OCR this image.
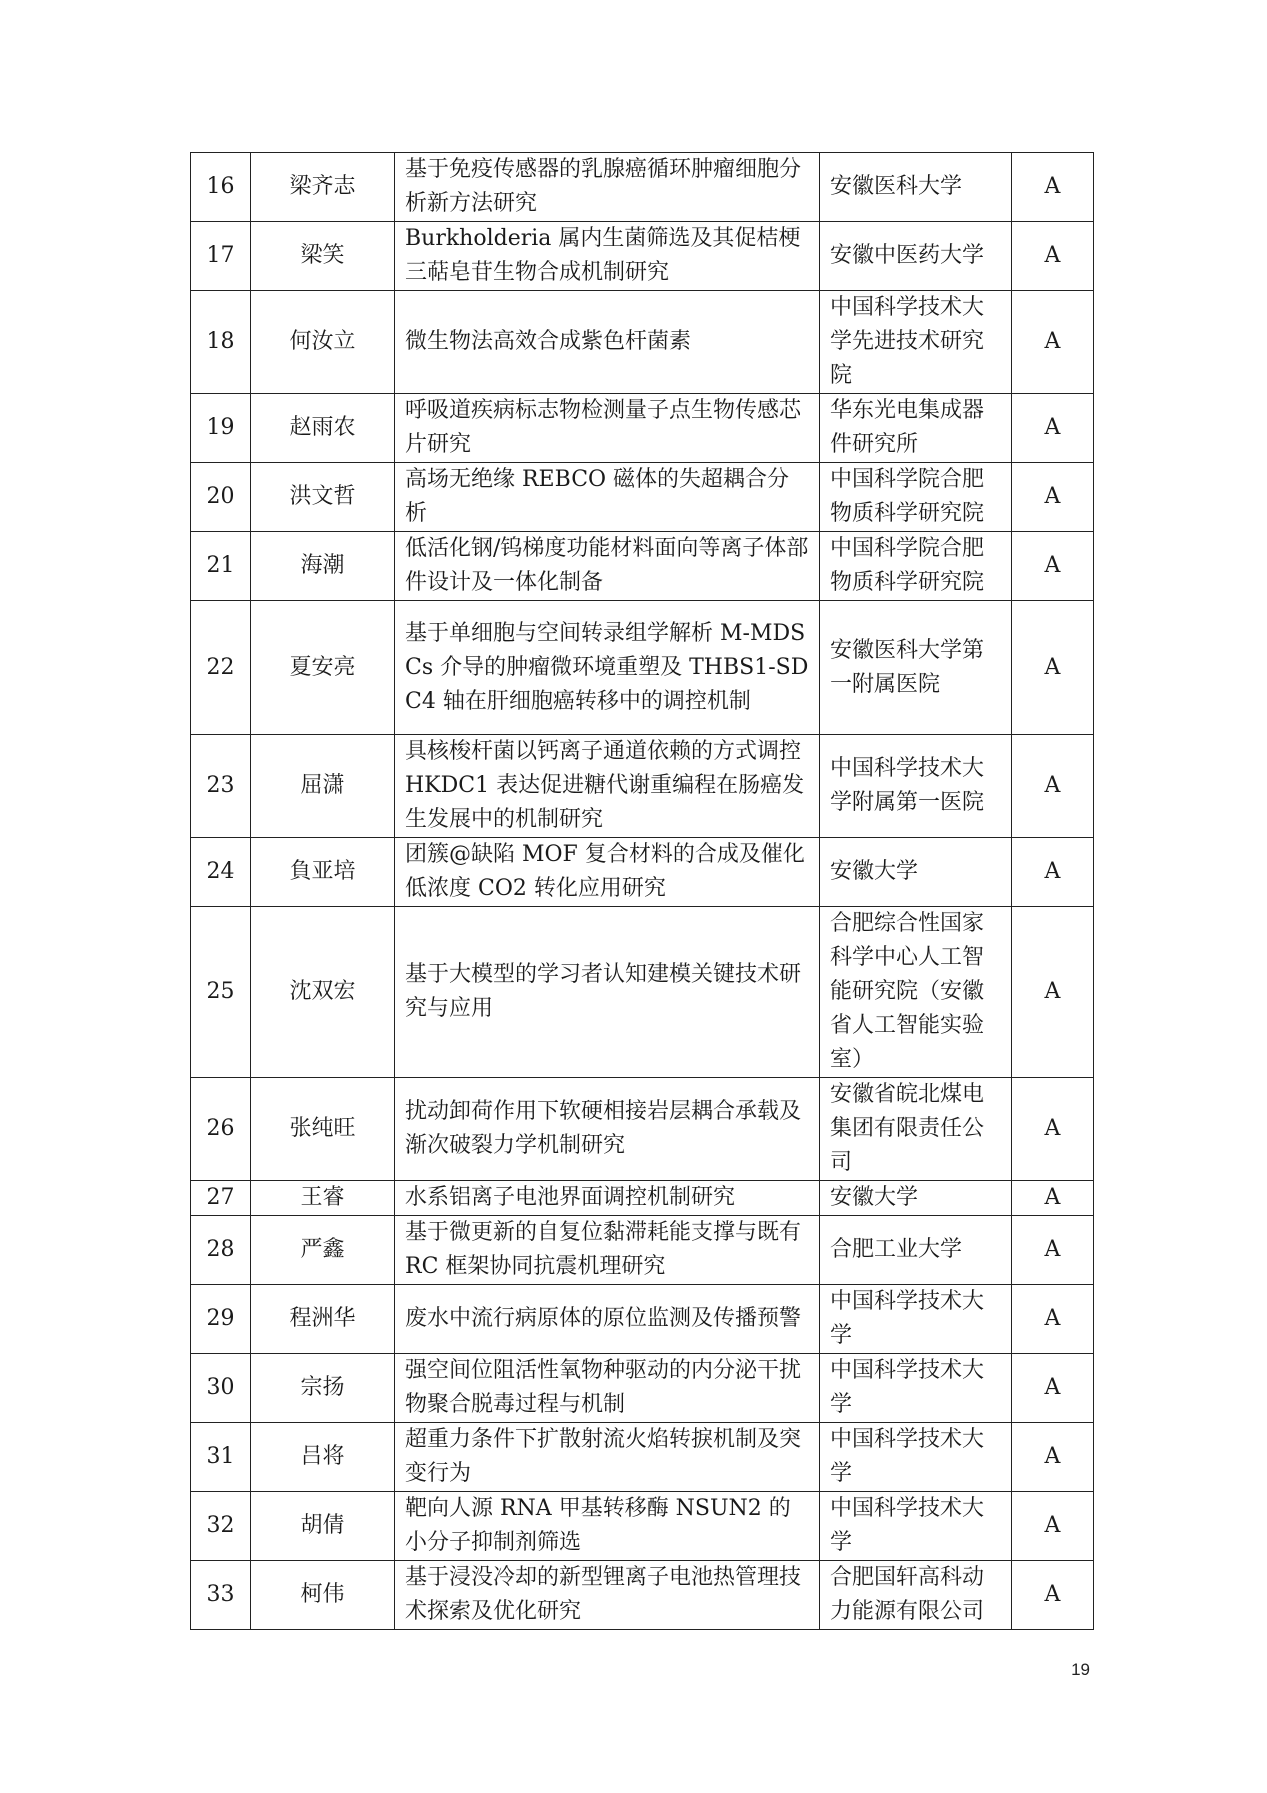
16	梁齐志	基于免疫传感器的乳腺癌循环肿瘤细胞分析新方法研究	安徽医科大学	A
17	梁笑	Burkholderia 属内生菌筛选及其促桔梗三萜皂苷生物合成机制研究	安徽中医药大学	A
18	何汝立	微生物法高效合成紫色杆菌素	中国科学技术大学先进技术研究院	A
19	赵雨农	呼吸道疾病标志物检测量子点生物传感芯片研究	华东光电集成器件研究所	A
20	洪文哲	高场无绝缘 REBCO 磁体的失超耦合分析	中国科学院合肥物质科学研究院	A
21	海潮	低活化钢/钨梯度功能材料面向等离子体部件设计及一体化制备	中国科学院合肥物质科学研究院	A
22	夏安亮	基于单细胞与空间转录组学解析 M-MDSCs 介导的肿瘤微环境重塑及 THBS1-SDC4 轴在肝细胞癌转移中的调控机制	安徽医科大学第一附属医院	A
23	屈潇	具核梭杆菌以钙离子通道依赖的方式调控 HKDC1 表达促进糖代谢重编程在肠癌发生发展中的机制研究	中国科学技术大学附属第一医院	A
24	負亚培	团簇@缺陷 MOF 复合材料的合成及催化低浓度 CO2 转化应用研究	安徽大学	A
25	沈双宏	基于大模型的学习者认知建模关键技术研究与应用	合肥综合性国家科学中心人工智能研究院（安徽省人工智能实验室）	A
26	张纯旺	扰动卸荷作用下软硬相接岩层耦合承载及渐次破裂力学机制研究	安徽省皖北煤电集团有限责任公司	A
27	王睿	水系铝离子电池界面调控机制研究	安徽大学	A
28	严鑫	基于微更新的自复位黏滞耗能支撑与既有 RC 框架协同抗震机理研究	合肥工业大学	A
29	程洲华	废水中流行病原体的原位监测及传播预警	中国科学技术大学	A
30	宗扬	强空间位阻活性氧物种驱动的内分泌干扰物聚合脱毒过程与机制	中国科学技术大学	A
31	吕将	超重力条件下扩散射流火焰转捩机制及突变行为	中国科学技术大学	A
32	胡倩	靶向人源 RNA 甲基转移酶 NSUN2 的小分子抑制剂筛选	中国科学技术大学	A
33	柯伟	基于浸没冷却的新型锂离子电池热管理技术探索及优化研究	合肥国轩高科动力能源有限公司	A
19
